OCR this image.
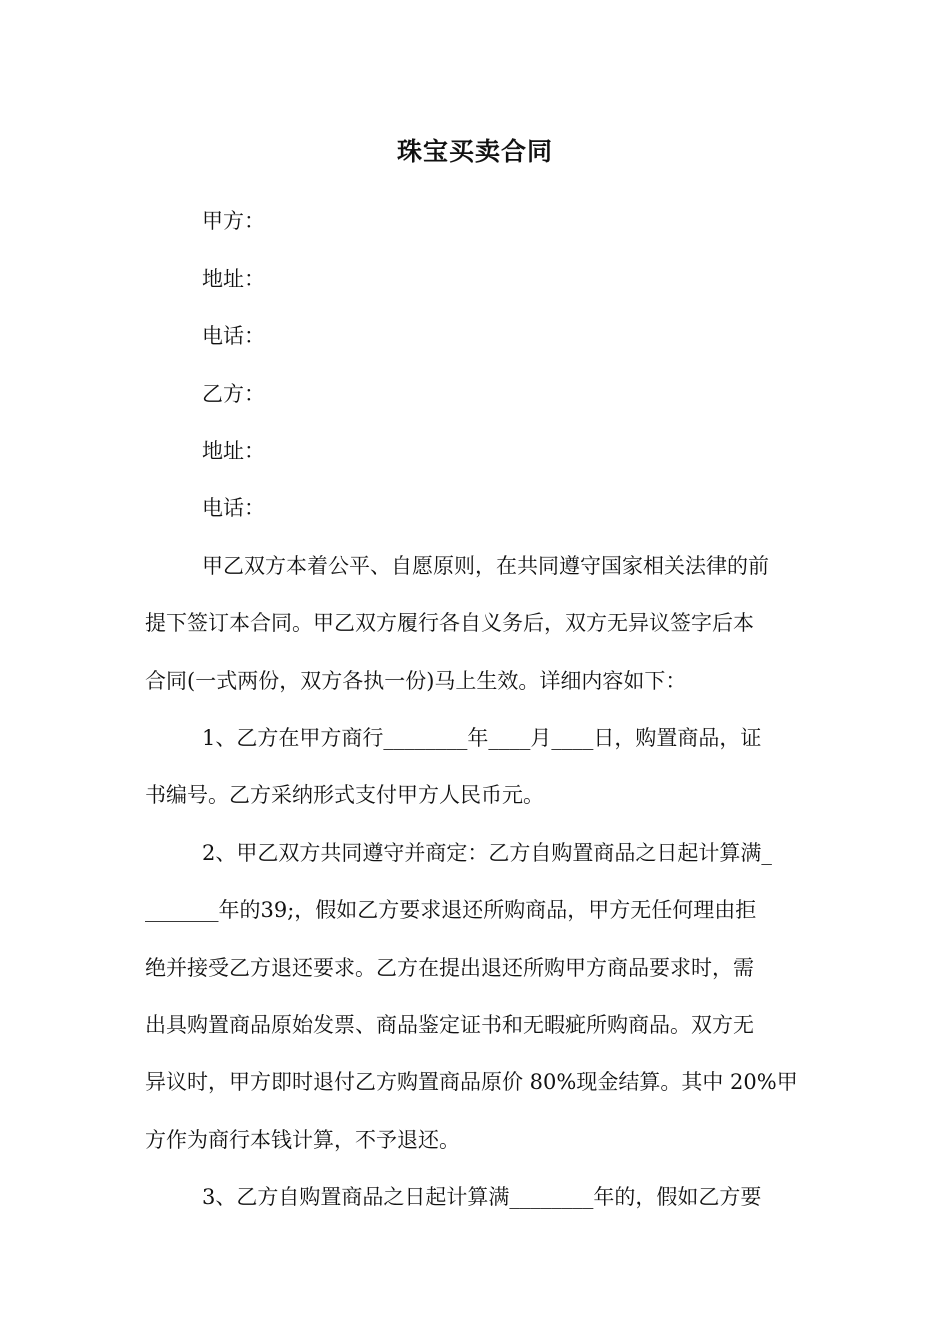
珠宝买卖合同
甲方：
地址：
电话：
乙方：
地址：
电话：
甲乙双方本着公平、自愿原则，在共同遵守国家相关法律的前
提下签订本合同。甲乙双方履行各自义务后，双方无异议签字后本
合同(一式两份，双方各执一份)马上生效。详细内容如下：
1、乙方在甲方商行________年____月____日，购置商品，证
书编号。乙方采纳形式支付甲方人民币元。
2、甲乙双方共同遵守并商定：乙方自购置商品之日起计算满_
_______年的39;，假如乙方要求退还所购商品，甲方无任何理由拒
绝并接受乙方退还要求。乙方在提出退还所购甲方商品要求时，需
出具购置商品原始发票、商品鉴定证书和无暇疵所购商品。双方无
异议时，甲方即时退付乙方购置商品原价 80%现金结算。其中 20%甲
方作为商行本钱计算，不予退还。
3、乙方自购置商品之日起计算满________年的，假如乙方要
